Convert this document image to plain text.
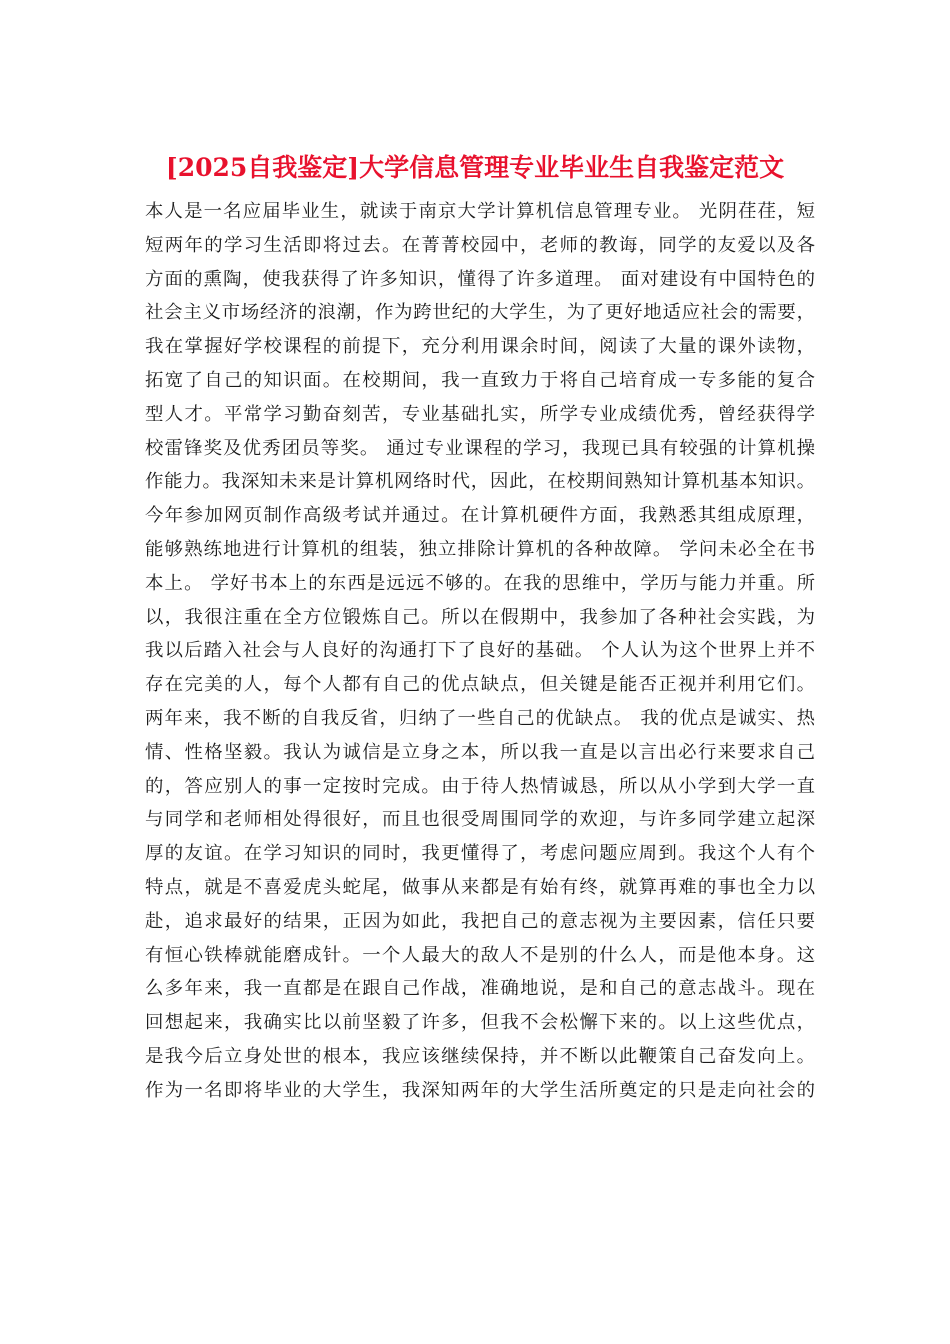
[2025自我鉴定]大学信息管理专业毕业生自我鉴定范文
本人是一名应届毕业生，就读于南京大学计算机信息管理专业。 光阴荏荏，短
短两年的学习生活即将过去。在菁菁校园中，老师的教诲，同学的友爱以及各
方面的熏陶，使我获得了许多知识，懂得了许多道理。 面对建设有中国特色的
社会主义市场经济的浪潮，作为跨世纪的大学生，为了更好地适应社会的需要，
我在掌握好学校课程的前提下，充分利用课余时间，阅读了大量的课外读物，
拓宽了自己的知识面。在校期间，我一直致力于将自己培育成一专多能的复合
型人才。平常学习勤奋刻苦，专业基础扎实，所学专业成绩优秀，曾经获得学
校雷锋奖及优秀团员等奖。 通过专业课程的学习，我现已具有较强的计算机操
作能力。我深知未来是计算机网络时代，因此，在校期间熟知计算机基本知识。
今年参加网页制作高级考试并通过。在计算机硬件方面，我熟悉其组成原理，
能够熟练地进行计算机的组装，独立排除计算机的各种故障。 学问未必全在书
本上。 学好书本上的东西是远远不够的。在我的思维中，学历与能力并重。所
以，我很注重在全方位锻炼自己。所以在假期中，我参加了各种社会实践，为
我以后踏入社会与人良好的沟通打下了良好的基础。 个人认为这个世界上并不
存在完美的人，每个人都有自己的优点缺点，但关键是能否正视并利用它们。
两年来，我不断的自我反省，归纳了一些自己的优缺点。 我的优点是诚实、热
情、性格坚毅。我认为诚信是立身之本，所以我一直是以言出必行来要求自己
的，答应别人的事一定按时完成。由于待人热情诚恳，所以从小学到大学一直
与同学和老师相处得很好，而且也很受周围同学的欢迎，与许多同学建立起深
厚的友谊。在学习知识的同时，我更懂得了，考虑问题应周到。我这个人有个
特点，就是不喜爱虎头蛇尾，做事从来都是有始有终，就算再难的事也全力以
赴，追求最好的结果，正因为如此，我把自己的意志视为主要因素，信任只要
有恒心铁棒就能磨成针。一个人最大的敌人不是别的什么人，而是他本身。这
么多年来，我一直都是在跟自己作战，准确地说，是和自己的意志战斗。现在
回想起来，我确实比以前坚毅了许多，但我不会松懈下来的。以上这些优点，
是我今后立身处世的根本，我应该继续保持，并不断以此鞭策自己奋发向上。
作为一名即将毕业的大学生，我深知两年的大学生活所奠定的只是走向社会的
